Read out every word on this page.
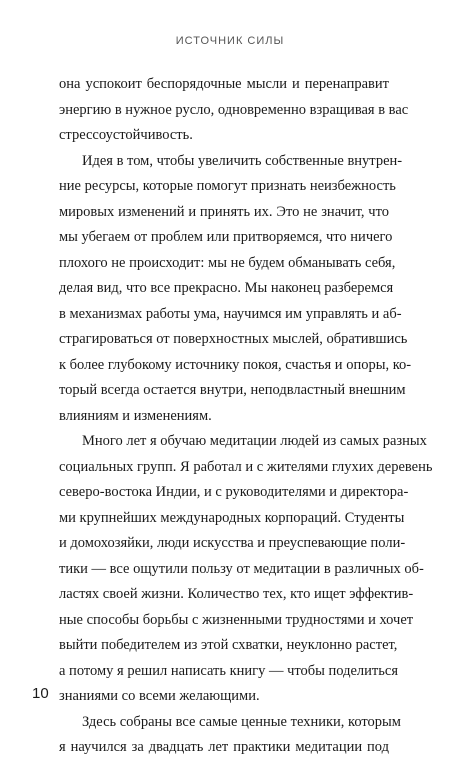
ИСТОЧНИК СИЛЫ
она успокоит беспорядочные мысли и перенаправит
энергию в нужное русло, одновременно взращивая в вас
стрессоустойчивость.
Идея в том, чтобы увеличить собственные внутрен-
ние ресурсы, которые помогут признать неизбежность
мировых изменений и принять их. Это не значит, что
мы убегаем от проблем или притворяемся, что ничего
плохого не происходит: мы не будем обманывать себя,
делая вид, что все прекрасно. Мы наконец разберемся
в механизмах работы ума, научимся им управлять и аб-
страгироваться от поверхностных мыслей, обратившись
к более глубокому источнику покоя, счастья и опоры, ко-
торый всегда остается внутри, неподвластный внешним
влияниям и изменениям.
Много лет я обучаю медитации людей из самых разных
социальных групп. Я работал и с жителями глухих деревень
северо-востока Индии, и с руководителями и директора-
ми крупнейших международных корпораций. Студенты
и домохозяйки, люди искусства и преуспевающие поли-
тики — все ощутили пользу от медитации в различных об-
ластях своей жизни. Количество тех, кто ищет эффектив-
ные способы борьбы с жизненными трудностями и хочет
выйти победителем из этой схватки, неуклонно растет,
а потому я решил написать книгу — чтобы поделиться
знаниями со всеми желающими.
Здесь собраны все самые ценные техники, которым
я научился за двадцать лет практики медитации под
10
